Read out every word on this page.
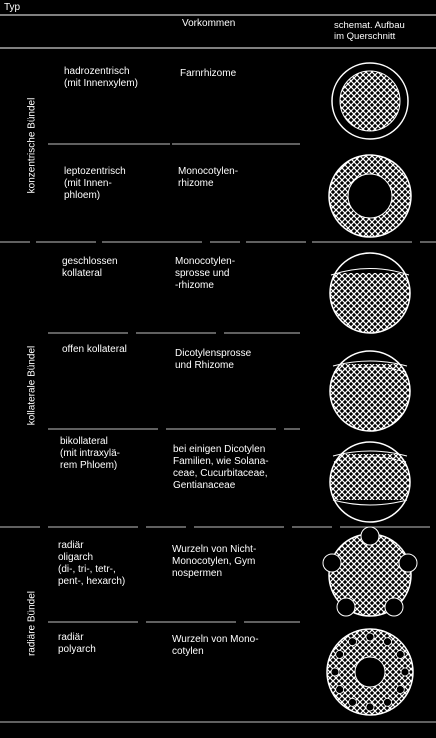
Typ
Vorkommen	schemat. Aufbau
im Querschnitt
konzentrische Bündel
kollaterale Bündel
radiäre Bündel
hadrozentrisch
(mit Innenxylem)
Farnrhizome
leptozentrisch
(mit Innen-
phloem)
Monocotylen-
rhizome
geschlossen
kollateral
Monocotylen-
sprosse und
-rhizome
offen kollateral	Dicotylensprosse
und Rhizome
bikollateral
(mit intraxylä-
rem Phloem)
bei einigen Dicotylen
Familien, wie Solana-
ceae, Cucurbitaceae,
Gentianaceae
radiär
oligarch
(di-, tri-, tetr-,
pent-, hexarch)
Wurzeln von Nicht-
Monocotylen, Gym
nospermen
radiär
polyarch
Wurzeln von Mono-
cotylen
